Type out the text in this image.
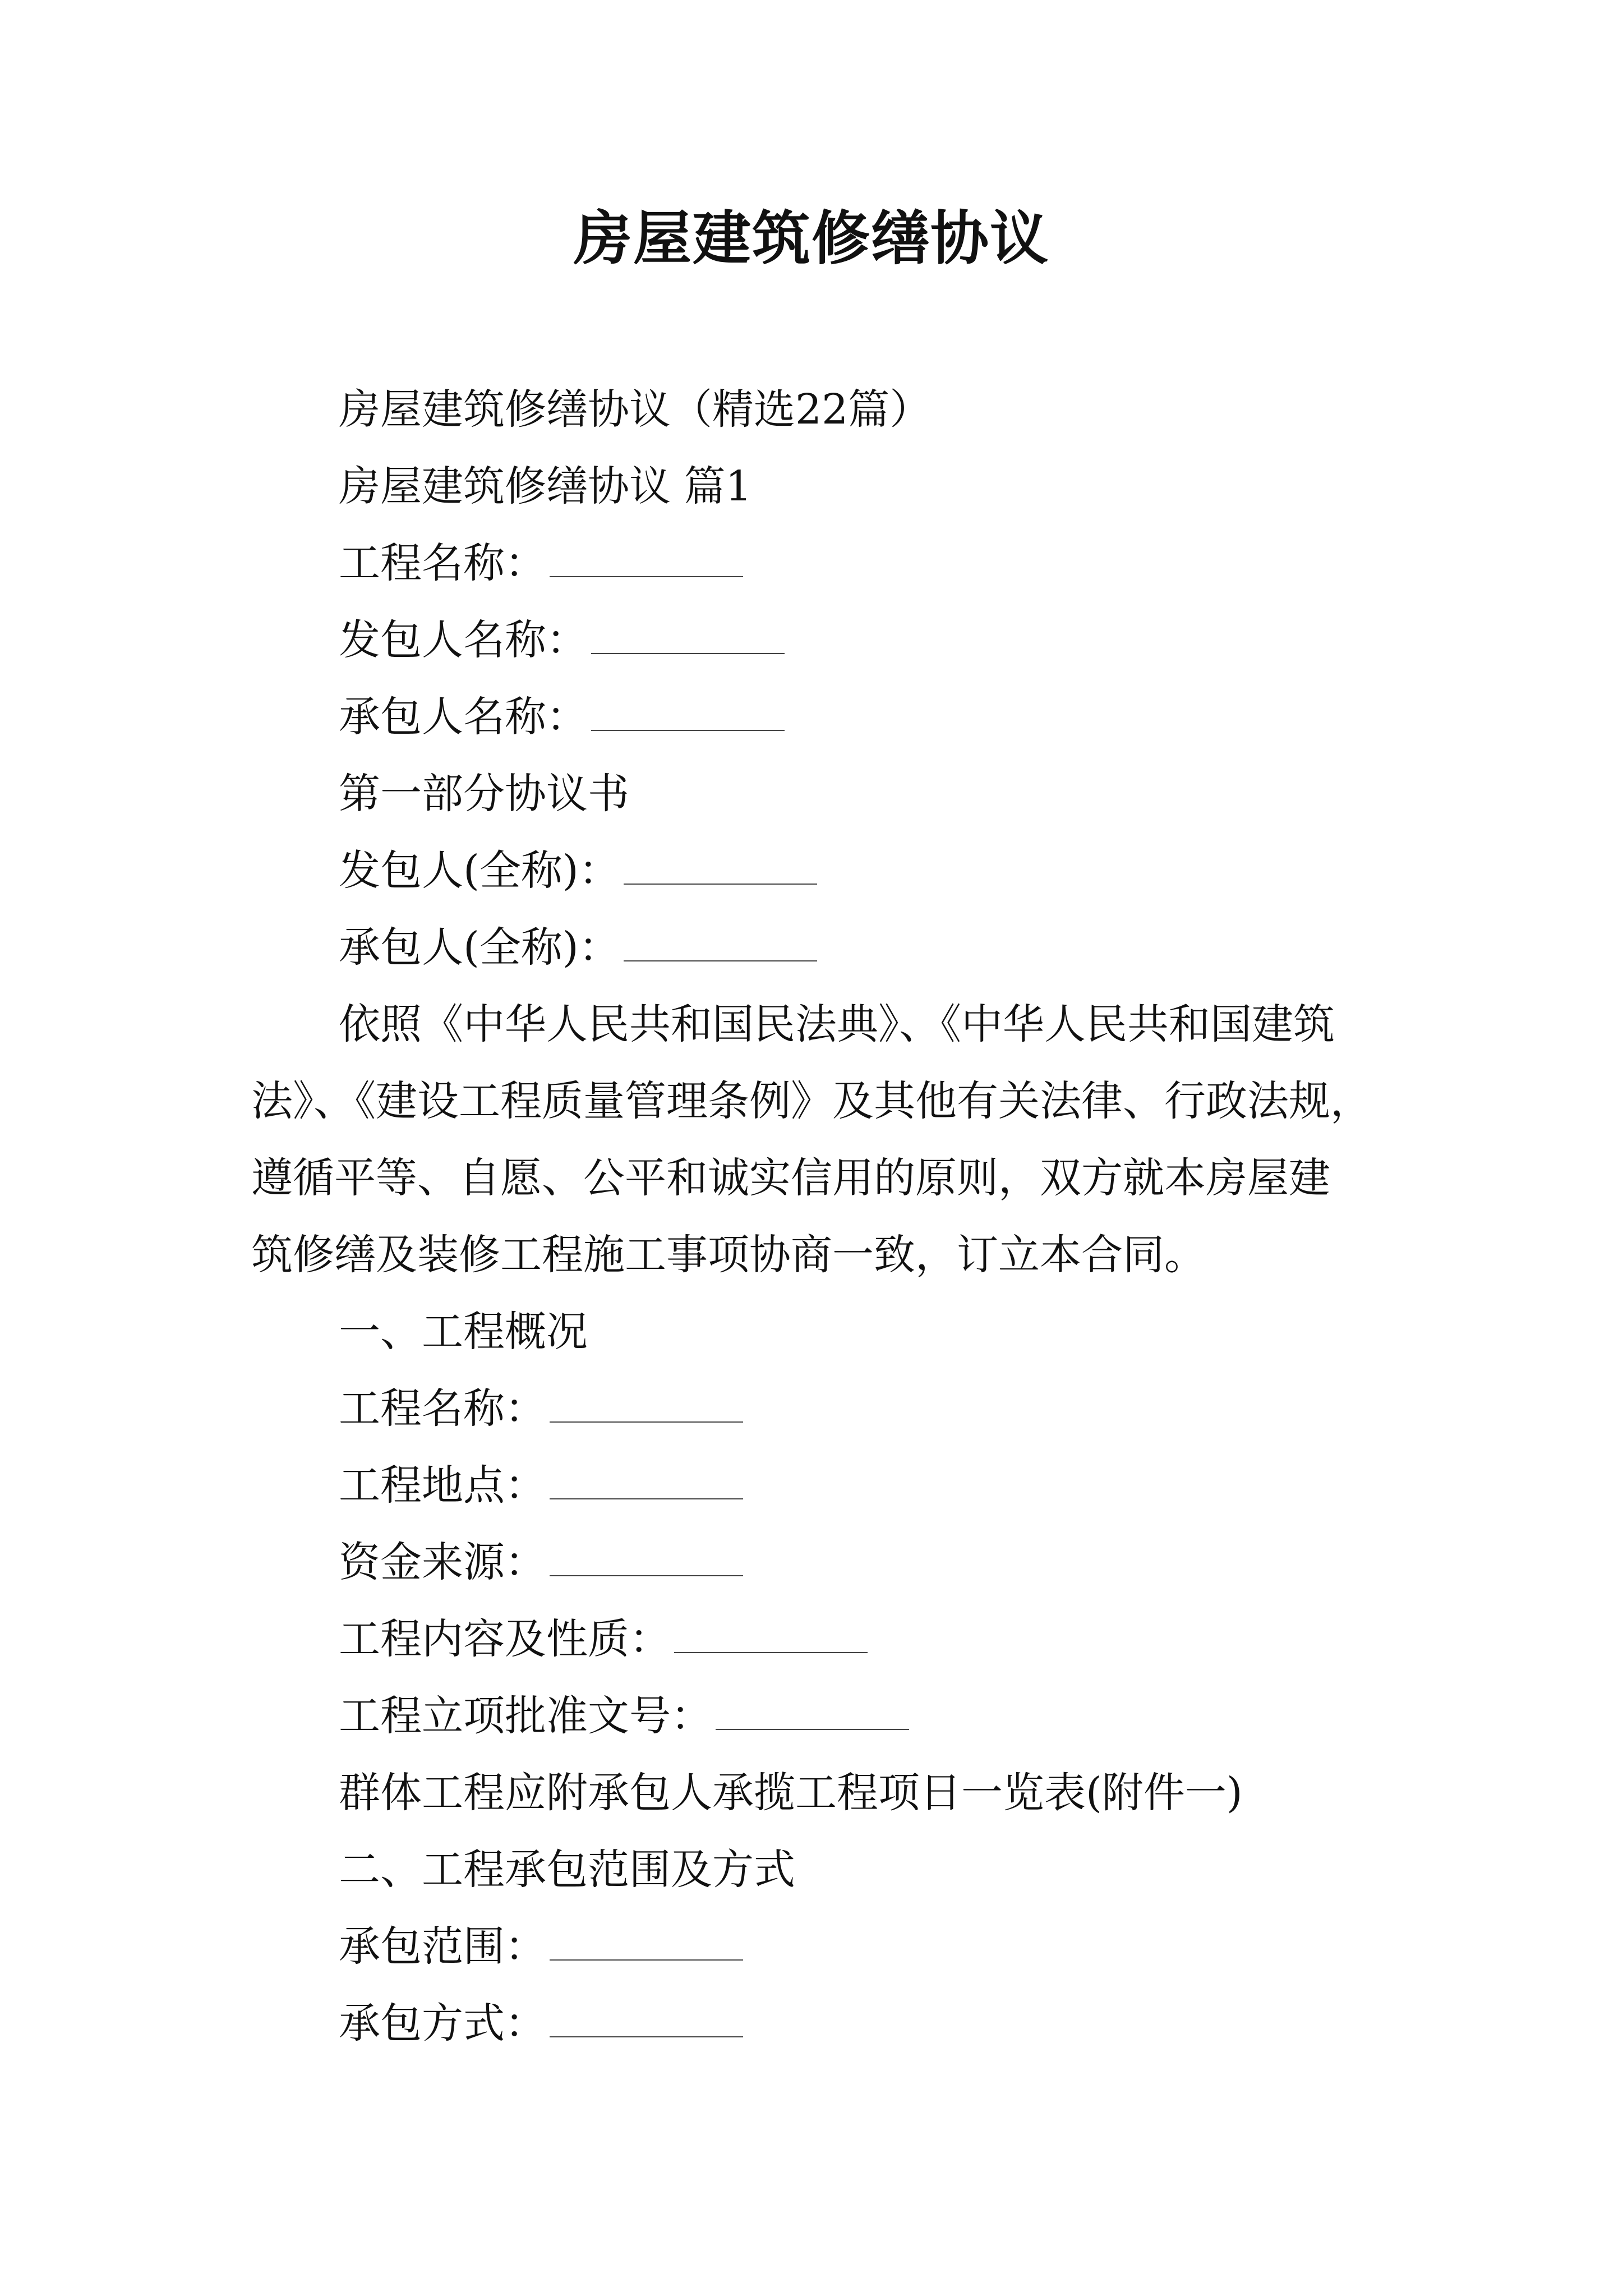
房屋建筑修缮协议
房屋建筑修缮协议（精选22篇）
房屋建筑修缮协议 篇1
工程名称：
发包人名称：
承包人名称：
第一部分协议书
发包人(全称)：
承包人(全称)：
依照《中华人民共和国民法典》、《中华人民共和国建筑
法》、《建设工程质量管理条例》及其他有关法律、行政法规，
遵循平等、自愿、公平和诚实信用的原则，双方就本房屋建
筑修缮及装修工程施工事项协商一致，订立本合同。
一、工程概况
工程名称：
工程地点：
资金来源：
工程内容及性质：
工程立项批准文号：
群体工程应附承包人承揽工程项日一览表(附件一)
二、工程承包范围及方式
承包范围：
承包方式：
